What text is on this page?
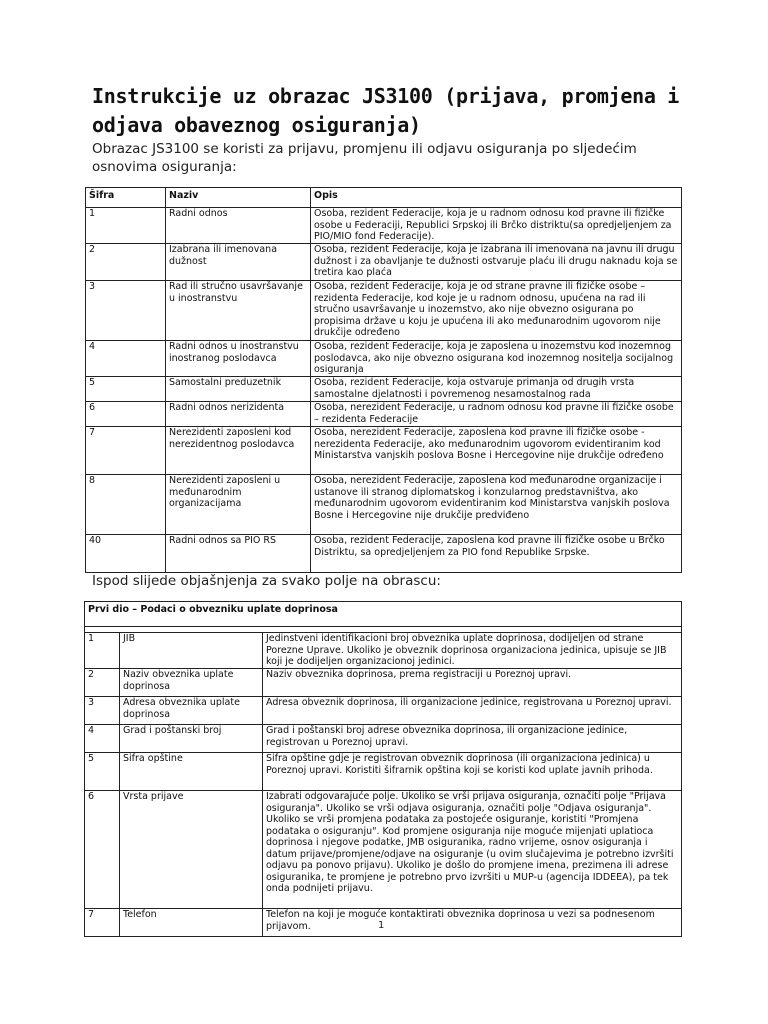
Instrukcije uz obrazac JS3100 (prijava, promjena i odjava obaveznog osiguranja)

Obrazac JS3100 se koristi za prijavu, promjenu ili odjavu osiguranja po sljedećim osnovima osiguranja:

Šifra	Naziv	Opis
1	Radni odnos	Osoba, rezident Federacije, koja je u radnom odnosu kod pravne ili fizičke osobe u Federaciji, Republici Srpskoj ili Brčko distriktu(sa opredjeljenjem za PIO/MIO fond Federacije).
2	Izabrana ili imenovana dužnost	Osoba, rezident Federacije, koja je izabrana ili imenovana na javnu ili drugu dužnost i za obavljanje te dužnosti ostvaruje plaću ili drugu naknadu koja se tretira kao plaća
3	Rad ili stručno usavršavanje u inostranstvu	Osoba, rezident Federacije, koja je od strane pravne ili fizičke osobe – rezidenta Federacije, kod koje je u radnom odnosu, upućena na rad ili stručno usavršavanje u inozemstvo, ako nije obvezno osigurana po propisima države u koju je upućena ili ako međunarodnim ugovorom nije drukčije određeno
4	Radni odnos u inostranstvu inostranog poslodavca	Osoba, rezident Federacije, koja je zaposlena u inozemstvu kod inozemnog poslodavca, ako nije obvezno osigurana kod inozemnog nositelja socijalnog osiguranja
5	Samostalni preduzetnik	Osoba, rezident Federacije, koja ostvaruje primanja od drugih vrsta samostalne djelatnosti i povremenog nesamostalnog rada
6	Radni odnos nerizidenta	Osoba, nerezident Federacije, u radnom odnosu kod pravne ili fizičke osobe – rezidenta Federacije
7	Nerezidenti zaposleni kod nerezidentnog poslodavca	Osoba, nerezident Federacije, zaposlena kod pravne ili fizičke osobe - nerezidenta Federacije, ako međunarodnim ugovorom evidentiranim kod Ministarstva vanjskih poslova Bosne i Hercegovine nije drukčije određeno
8	Nerezidenti zaposleni u međunarodnim organizacijama	Osoba, nerezident Federacije, zaposlena kod međunarodne organizacije i ustanove ili stranog diplomatskog i konzularnog predstavništva, ako međunarodnim ugovorom evidentiranim kod Ministarstva vanjskih poslova Bosne i Hercegovine nije drukčije predviđeno
40	Radni odnos sa PIO RS	Osoba, rezident Federacije, zaposlena kod pravne ili fizičke osobe u Brčko Distriktu, sa opredjeljenjem za PIO fond Republike Srpske.

Ispod slijede objašnjenja za svako polje na obrascu:

Prvi dio – Podaci o obvezniku uplate doprinosa		

1	JIB	Jedinstveni identifikacioni broj obveznika uplate doprinosa, dodijeljen od strane Porezne Uprave. Ukoliko je obveznik doprinosa organizaciona jedinica, upisuje se JIB koji je dodijeljen organizacionoj jedinici.
2	Naziv obveznika uplate doprinosa	Naziv obveznika doprinosa, prema registraciji u Poreznoj upravi.
3	Adresa obveznika uplate doprinosa	Adresa obveznik doprinosa, ili organizacione jedinice, registrovana u Poreznoj upravi.
4	Grad i poštanski broj	Grad i poštanski broj adrese obveznika doprinosa, ili organizacione jedinice, registrovan u Poreznoj upravi.
5	Šifra opštine	Šifra opštine gdje je registrovan obveznik doprinosa (ili organizaciona jedinica) u Poreznoj upravi. Koristiti šifrarnik opština koji se koristi kod uplate javnih prihoda.
6	Vrsta prijave	Izabrati odgovarajuće polje. Ukoliko se vrši prijava osiguranja, označiti polje "Prijava osiguranja". Ukoliko se vrši odjava osiguranja, označiti polje "Odjava osiguranja". Ukoliko se vrši promjena podataka za postojeće osiguranje, koristiti "Promjena podataka o osiguranju". Kod promjene osiguranja nije moguće mijenjati uplatioca doprinosa i njegove podatke, JMB osiguranika, radno vrijeme, osnov osiguranja i datum prijave/promjene/odjave na osiguranje (u ovim slučajevima je potrebno izvršiti odjavu pa ponovo prijavu). Ukoliko je došlo do promjene imena, prezimena ili adrese osiguranika, te promjene je potrebno prvo izvršiti u MUP-u (agencija IDDEEA), pa tek onda podnijeti prijavu.
7	Telefon	Telefon na koji je moguće kontaktirati obveznika doprinosa u vezi sa podnesenom prijavom.	1
